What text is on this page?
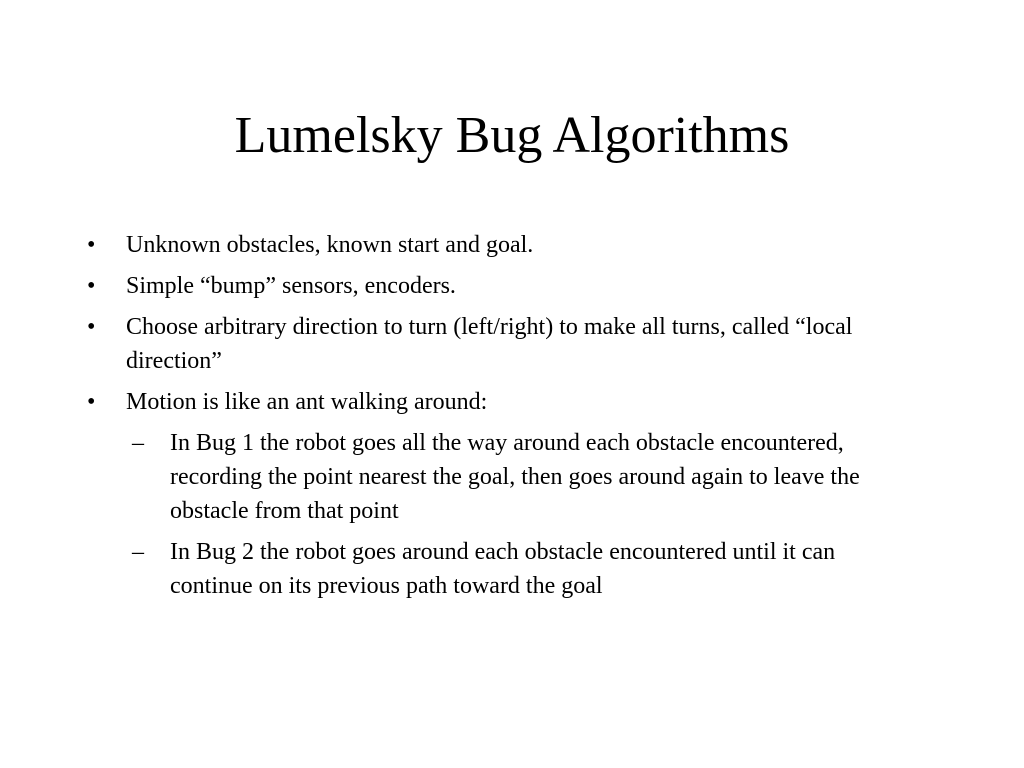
Lumelsky Bug Algorithms
• Unknown obstacles, known start and goal.
• Simple “bump” sensors, encoders.
• Choose arbitrary direction to turn (left/right) to make all turns, called “local direction”
• Motion is like an ant walking around:
– In Bug 1 the robot goes all the way around each obstacle encountered, recording the point nearest the goal, then goes around again to leave the obstacle from that point
– In Bug 2 the robot goes around each obstacle encountered until it can continue on its previous path toward the goal
